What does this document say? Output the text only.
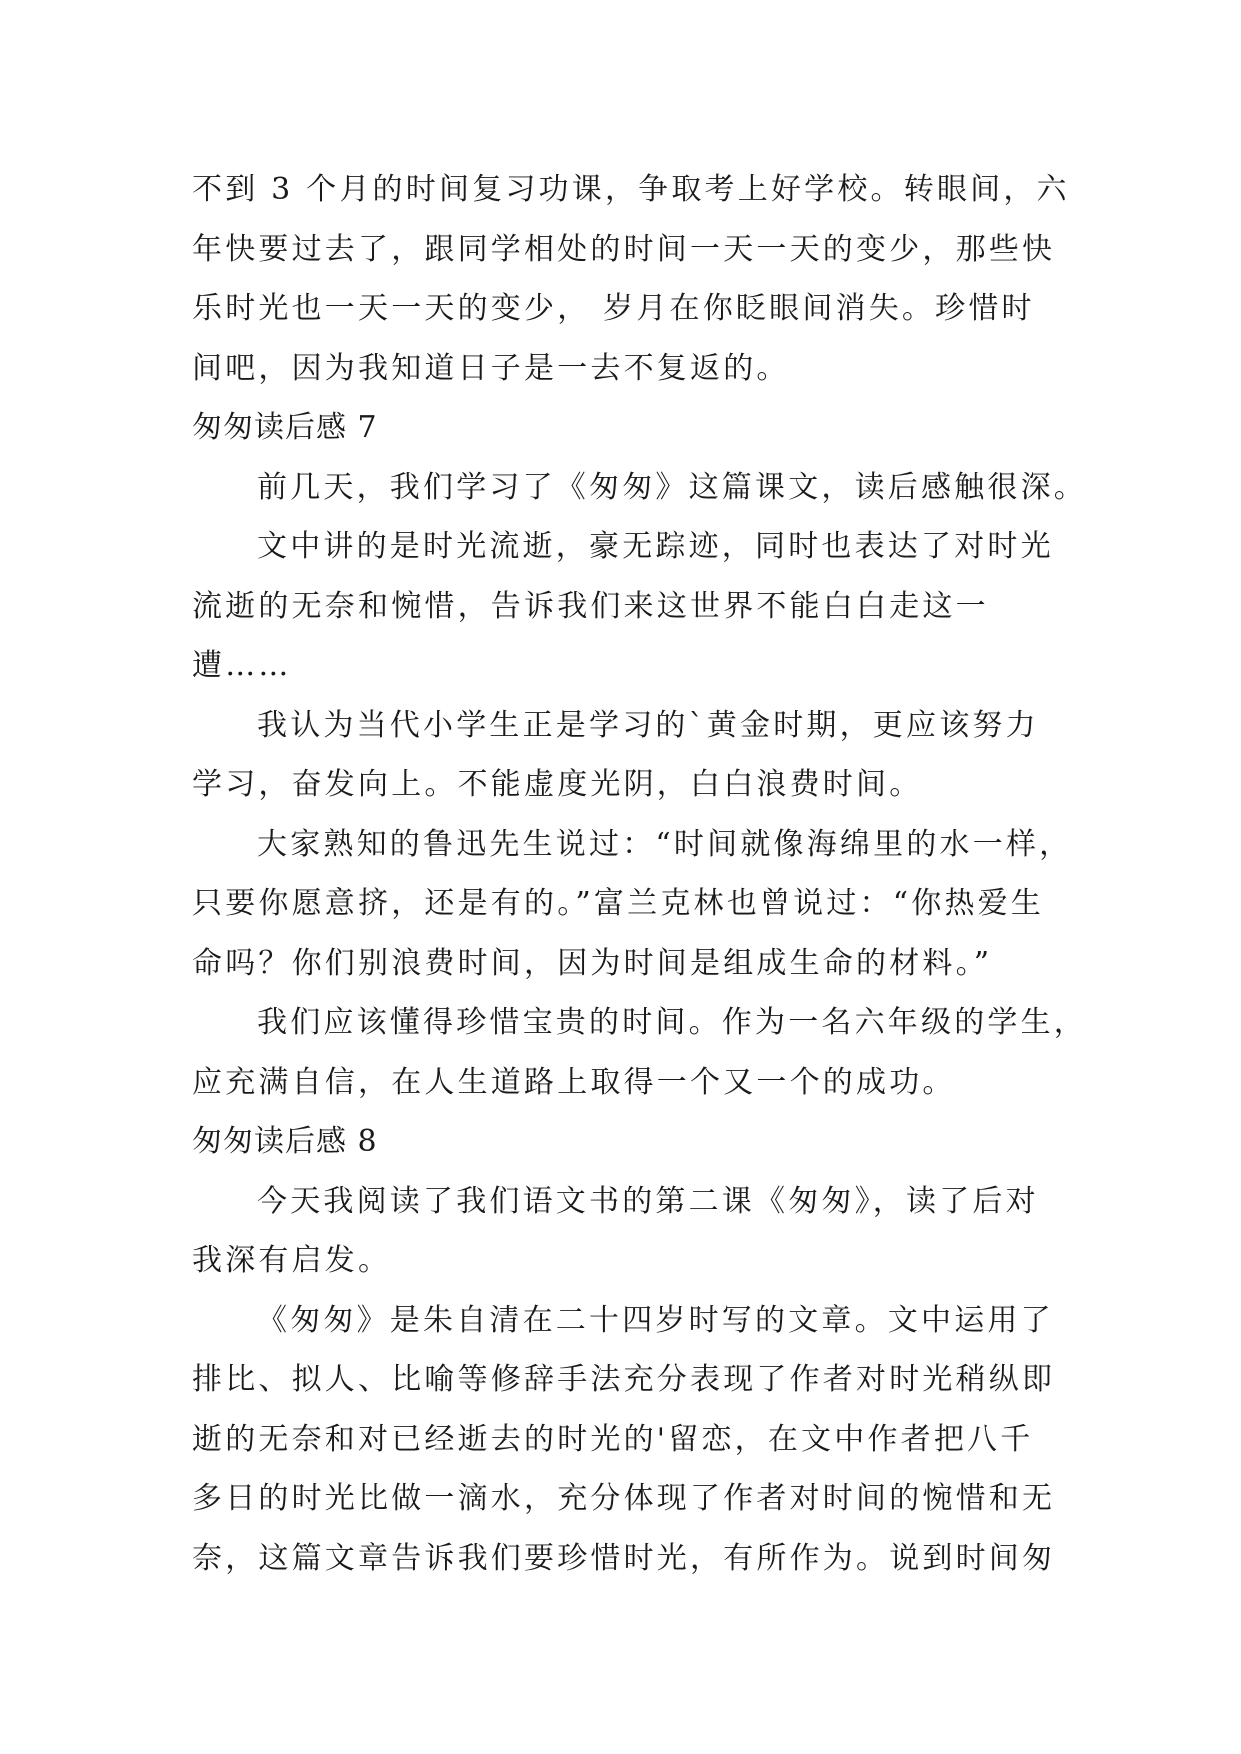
不到 3 个月的时间复习功课，争取考上好学校。转眼间，六
年快要过去了，跟同学相处的时间一天一天的变少，那些快
乐时光也一天一天的变少， 岁月在你眨眼间消失。珍惜时
间吧，因为我知道日子是一去不复返的。
匆匆读后感 7
前几天，我们学习了《匆匆》这篇课文，读后感触很深。
文中讲的是时光流逝，豪无踪迹，同时也表达了对时光
流逝的无奈和惋惜，告诉我们来这世界不能白白走这一
遭……
我认为当代小学生正是学习的`黄金时期，更应该努力
学习，奋发向上。不能虚度光阴，白白浪费时间。
大家熟知的鲁迅先生说过：“时间就像海绵里的水一样，
只要你愿意挤，还是有的。”富兰克林也曾说过：“你热爱生
命吗？你们别浪费时间，因为时间是组成生命的材料。”
我们应该懂得珍惜宝贵的时间。作为一名六年级的学生，
应充满自信，在人生道路上取得一个又一个的成功。
匆匆读后感 8
今天我阅读了我们语文书的第二课《匆匆》，读了后对
我深有启发。
《匆匆》是朱自清在二十四岁时写的文章。文中运用了
排比、拟人、比喻等修辞手法充分表现了作者对时光稍纵即
逝的无奈和对已经逝去的时光的'留恋，在文中作者把八千
多日的时光比做一滴水，充分体现了作者对时间的惋惜和无
奈，这篇文章告诉我们要珍惜时光，有所作为。说到时间匆
